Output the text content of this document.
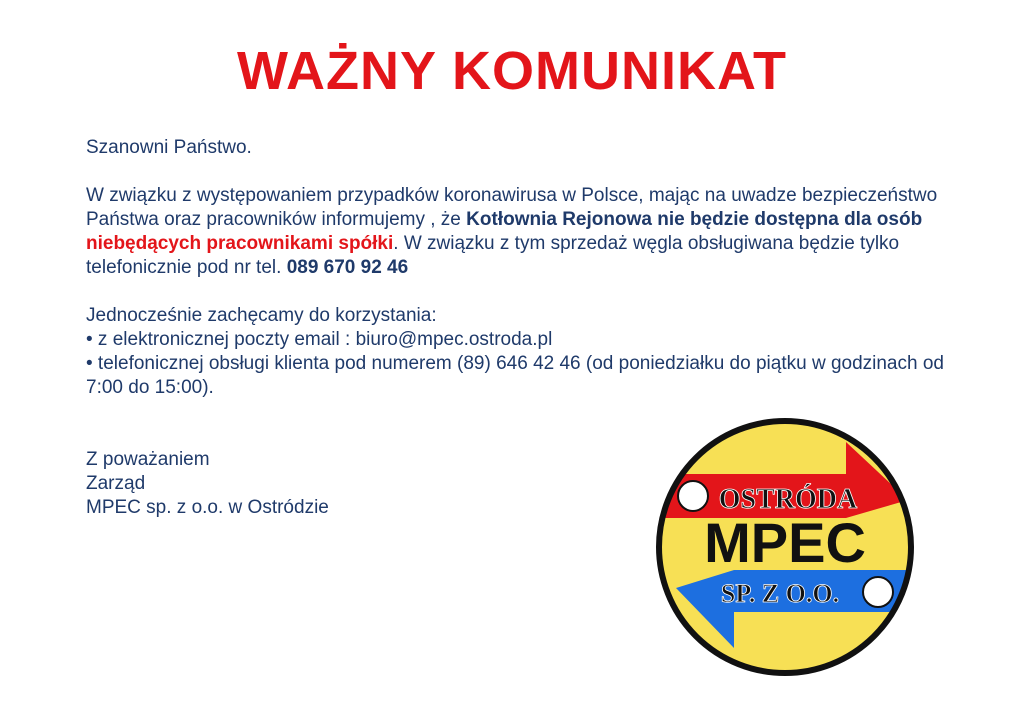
WAŻNY KOMUNIKAT

Szanowni Państwo.

W związku z występowaniem przypadków koronawirusa w Polsce, mając na uwadze bezpieczeństwo Państwa oraz pracowników informujemy , że Kotłownia Rejonowa nie będzie dostępna dla osób niebędących pracownikami spółki. W związku z tym sprzedaż węgla obsługiwana będzie tylko telefonicznie pod nr tel. 089 670 92 46

Jednocześnie zachęcamy do korzystania:

• z elektronicznej poczty email : biuro@mpec.ostroda.pl

• telefonicznej obsługi klienta pod numerem (89) 646 42 46 (od poniedziałku do piątku w godzinach od 7:00 do 15:00).

Z poważaniem

Zarząd

MPEC sp. z o.o. w Ostródzie	OSTRÓDA
MPEC
SP. Z O.O.
